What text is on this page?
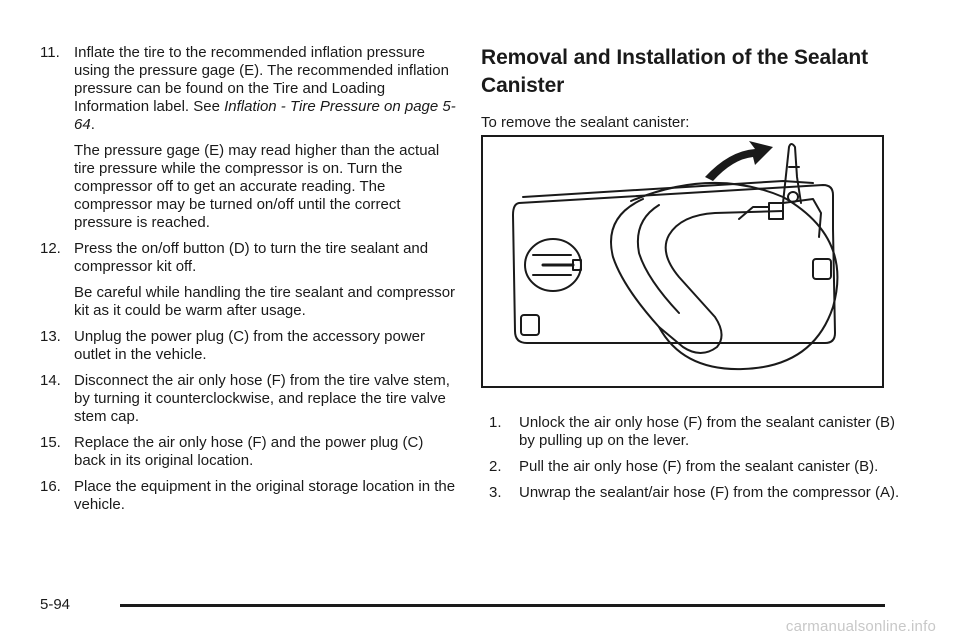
11. Inflate the tire to the recommended inflation pressure using the pressure gage (E). The recommended inflation pressure can be found on the Tire and Loading Information label. See Inflation - Tire Pressure on page 5-64.

The pressure gage (E) may read higher than the actual tire pressure while the compressor is on. Turn the compressor off to get an accurate reading. The compressor may be turned on/off until the correct pressure is reached.

12. Press the on/off button (D) to turn the tire sealant and compressor kit off.

Be careful while handling the tire sealant and compressor kit as it could be warm after usage.

13. Unplug the power plug (C) from the accessory power outlet in the vehicle.

14. Disconnect the air only hose (F) from the tire valve stem, by turning it counterclockwise, and replace the tire valve stem cap.

15. Replace the air only hose (F) and the power plug (C) back in its original location.

16. Place the equipment in the original storage location in the vehicle.

Removal and Installation of the Sealant Canister

To remove the sealant canister:

1.	Unlock the air only hose (F) from the sealant canister (B) by pulling up on the lever.

2.	Pull the air only hose (F) from the sealant canister (B).

3.	Unwrap the sealant/air hose (F) from the compressor (A).

5-94
carmanualsonline.info
